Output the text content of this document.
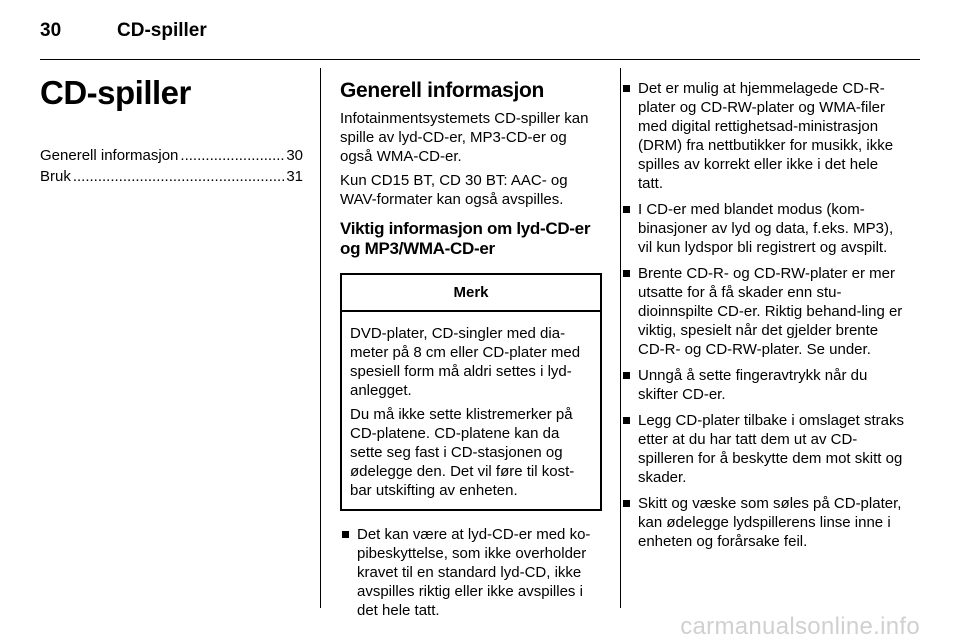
30	CD-spiller
CD-spiller
Generell informasjon .....	30
Bruk .....	31
Generell informasjon

Infotainmentsystemets CD-spiller kan spille av lyd-CD-er, MP3-CD-er og også WMA-CD-er.

Kun CD15 BT, CD 30 BT: AAC- og WAV-formater kan også avspilles.

Viktig informasjon om lyd-CD-er og MP3/WMA-CD-er
Merk

DVD-plater, CD-singler med dia-meter på 8 cm eller CD-plater med spesiell form må aldri settes i lyd-anlegget.

Du må ikke sette klistremerker på CD-platene. CD-platene kan da sette seg fast i CD-stasjonen og ødelegge den. Det vil føre til kost-bar utskifting av enheten.

Det kan være at lyd-CD-er med ko-pibeskyttelse, som ikke overholder kravet til en standard lyd-CD, ikke avspilles riktig eller ikke avspilles i det hele tatt.
Det er mulig at hjemmelagede CD-R-plater og CD-RW-plater og WMA-filer med digital rettighetsad-ministrasjon (DRM) fra nettbutikker for musikk, ikke spilles av korrekt eller ikke i det hele tatt.
I CD-er med blandet modus (kom-binasjoner av lyd og data, f.eks. MP3), vil kun lydspor bli registrert og avspilt.
Brente CD-R- og CD-RW-plater er mer utsatte for å få skader enn stu-dioinnspilte CD-er. Riktig behand-ling er viktig, spesielt når det gjelder brente CD-R- og CD-RW-plater. Se under.
Unngå å sette fingeravtrykk når du skifter CD-er.
Legg CD-plater tilbake i omslaget straks etter at du har tatt dem ut av CD-spilleren for å beskytte dem mot skitt og skader.
Skitt og væske som søles på CD-plater, kan ødelegge lydspillerens linse inne i enheten og forårsake feil.
carmanualsonline.info
